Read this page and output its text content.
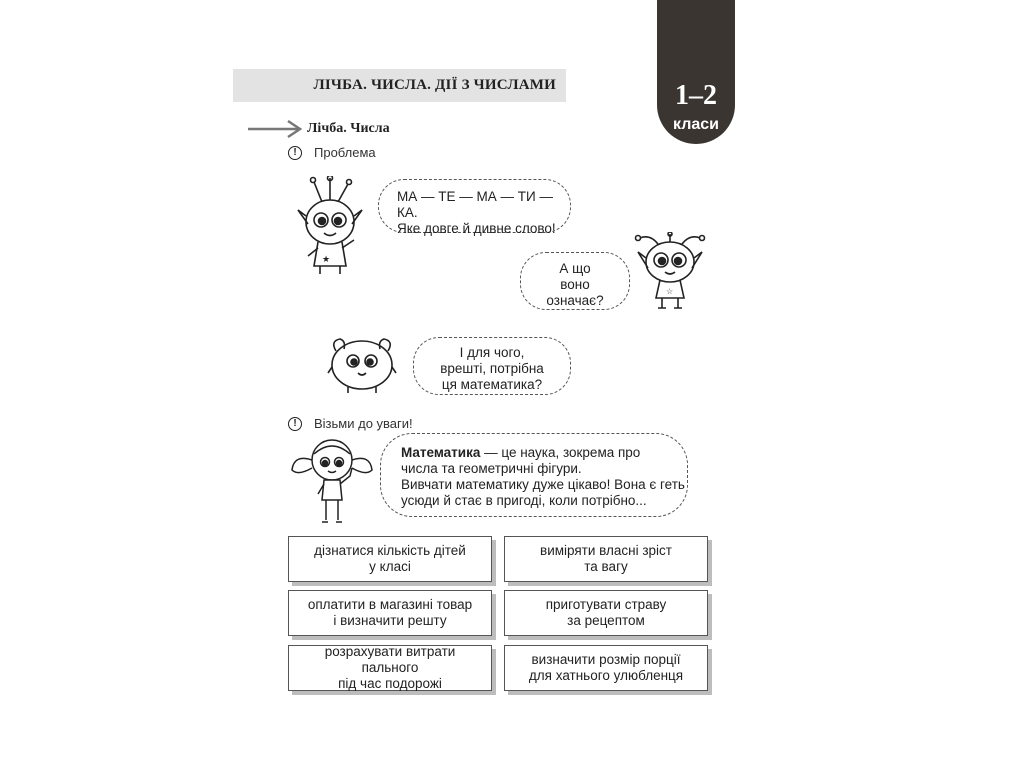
1–2
класи
ЛІЧБА. ЧИСЛА. ДІЇ З ЧИСЛАМИ
Лічба. Числа
!	Проблема
★
МА — ТЕ — МА — ТИ — КА.
Яке довге й дивне слово!
А що
воно
означає?
☆
І для чого,
врешті, потрібна
ця математика?
!	Візьми до уваги!
Математика — це наука, зокрема про
числа та геометричні фігури.
Вивчати математику дуже цікаво! Вона є геть
усюди й стає в пригоді, коли потрібно...
дізнатися кількість дітей
у класі
виміряти власні зріст
та вагу
оплатити в магазині товар
і визначити решту
приготувати страву
за рецептом
розрахувати витрати пального
під час подорожі
визначити розмір порції
для хатнього улюбленця
